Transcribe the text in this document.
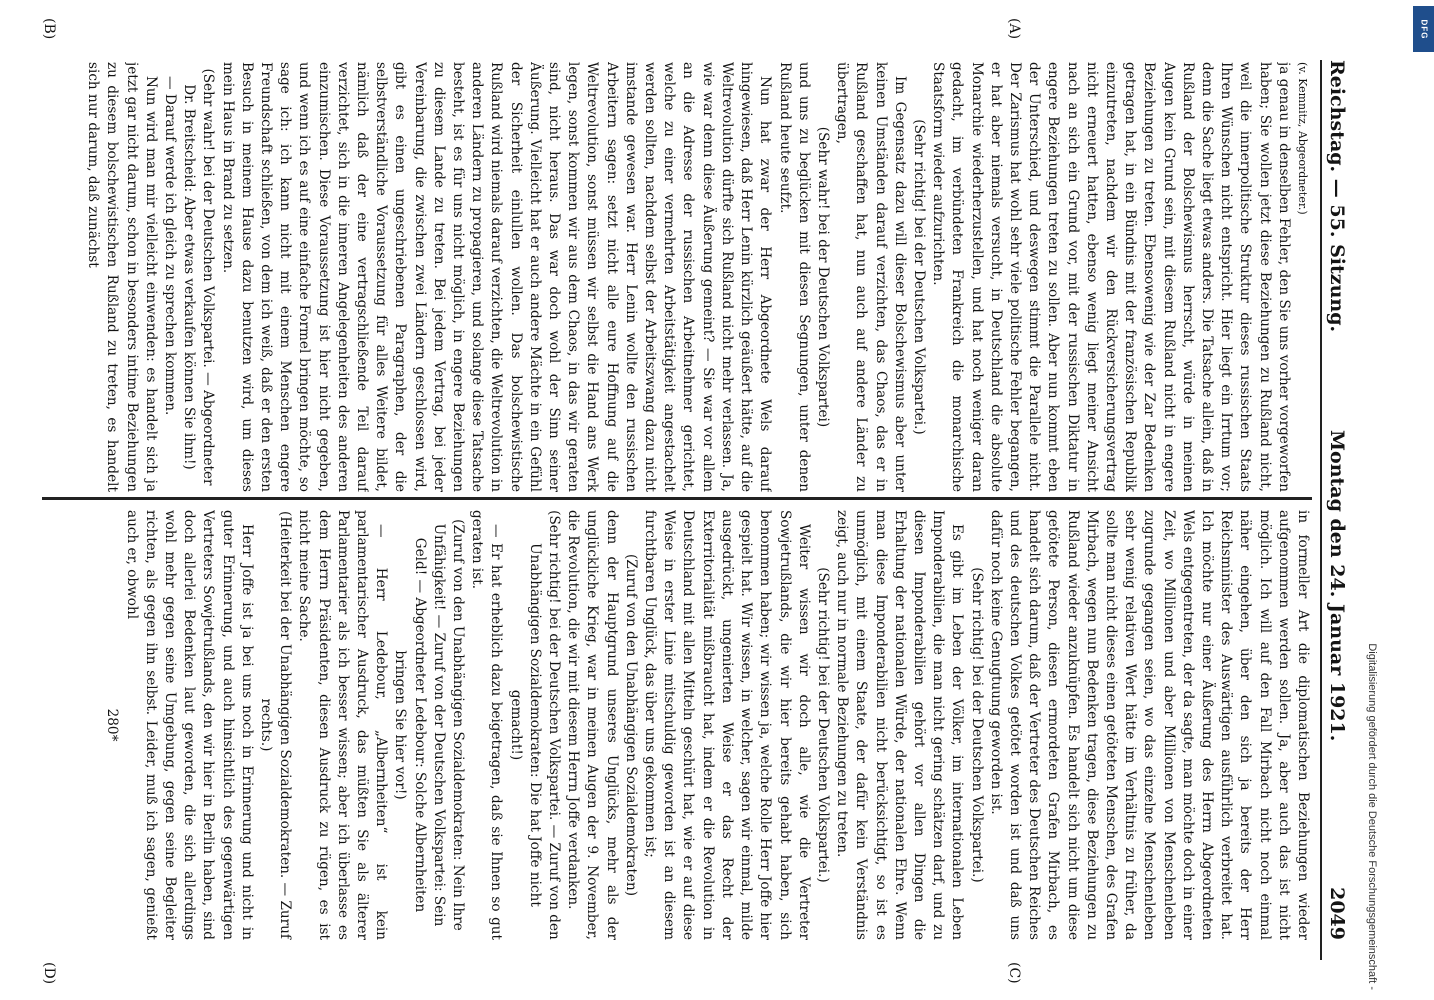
Reichstag. — 55. Sitzung.
Montag den 24. Januar 1921.
2049

(v. Kemnitz, Abgeordneter.)

ja genau in denselben Fehler, den Sie uns vorher vorgeworfen haben; Sie wollen jetzt diese Beziehungen zu Rußland nicht, weil die innerpolitische Struktur dieses russischen Staats Ihren Wünschen nicht entspricht. Hier liegt ein Irrtum vor; denn die Sache liegt etwas anders. Die Tatsache allein, daß in Rußland der Bolschewismus herrscht, würde in meinen Augen kein Grund sein, mit diesem Rußland nicht in engere Beziehungen zu treten. Ebensowenig wie der Zar Bedenken getragen hat, in ein Bündnis mit der französischen Republik einzutreten, nachdem wir den Rückversicherungsvertrag nicht erneuert hatten, ebenso wenig liegt meiner Ansicht nach an sich ein Grund vor, mit der russischen Diktatur in engere Beziehungen treten zu sollen. Aber nun kommt eben der Unterschied, und deswegen stimmt die Parallele nicht. Der Zarismus hat wohl sehr viele politische Fehler begangen, er hat aber niemals versucht, in Deutschland die absolute Monarchie wiederherzustellen, und hat noch weniger daran gedacht, im verbündeten Frankreich die monarchische Staatsform wieder aufzurichten.

(Sehr richtig! bei der Deutschen Volkspartei.)

Im Gegensatz dazu will dieser Bolschewismus aber unter keinen Umständen darauf verzichten, das Chaos, das er in Rußland geschaffen hat, nun auch auf andere Länder zu übertragen,

(Sehr wahr! bei der Deutschen Volkspartei)

und uns zu beglücken mit diesen Segnungen, unter denen Rußland heute seufzt.

Nun hat zwar der Herr Abgeordnete Wels darauf hingewiesen, daß Herr Lenin kürzlich geäußert hätte, auf die Weltrevolution dürfte sich Rußland nicht mehr verlassen. Ja, wie war denn diese Äußerung gemeint? — Sie war vor allem an die Adresse der russischen Arbeitnehmer gerichtet, welche zu einer vermehrten Arbeitstätigkeit angestachelt werden sollten, nachdem selbst der Arbeitszwang dazu nicht imstande gewesen war. Herr Lenin wollte den russischen Arbeitern sagen: setzt nicht alle eure Hoffnung auf die Weltrevolution, sonst müssen wir selbst die Hand ans Werk legen, sonst kommen wir aus dem Chaos, in das wir geraten sind, nicht heraus. Das war doch wohl der Sinn seiner Äußerung. Vielleicht hat er auch andere Mächte in ein Gefühl der Sicherheit einlullen wollen. Das bolschewistische Rußland wird niemals darauf verzichten, die Weltrevolution in anderen Ländern zu propagieren, und solange diese Tatsache besteht, ist es für uns nicht möglich, in engere Beziehungen zu diesem Lande zu treten. Bei jedem Vertrag, bei jeder Vereinbarung, die zwischen zwei Ländern geschlossen wird, gibt es einen ungeschriebenen Paragraphen, der die selbstverständliche Voraussetzung für alles Weitere bildet, nämlich daß der eine vertragschließende Teil darauf verzichtet, sich in die inneren Angelegenheiten des anderen einzumischen. Diese Voraussetzung ist hier nicht gegeben, und wenn ich es auf eine einfache Formel bringen möchte, so sage ich: ich kann nicht mit einem Menschen engere Freundschaft schließen, von dem ich weiß, daß er den ersten Besuch in meinem Hause dazu benutzen wird, um dieses mein Haus in Brand zu setzen.

(Sehr wahr! bei der Deutschen Volkspartei. — Abgeordneter Dr. Breitscheid: Aber etwas verkaufen können Sie ihm!)

— Darauf werde ich gleich zu sprechen kommen.

Nun wird man mir vielleicht einwenden: es handelt sich ja jetzt gar nicht darum, schon in besonders intime Beziehungen zu diesem bolschewistischen Rußland zu treten, es handelt sich nur darum, daß zunächst

in formeller Art die diplomatischen Beziehungen wieder aufgenommen werden sollen. Ja, aber auch das ist nicht möglich. Ich will auf den Fall Mirbach nicht noch einmal näher eingehen, über den sich ja bereits der Herr Reichsminister des Auswärtigen ausführlich verbreitet hat. Ich möchte nur einer Äußerung des Herrn Abgeordneten Wels entgegentreten, der da sagte, man möchte doch in einer Zeit, wo Millionen und aber Millionen von Menschenleben zugrunde gegangen seien, wo das einzelne Menschenleben sehr wenig relativen Wert hätte im Verhältnis zu früher, da sollte man nicht dieses einen getöteten Menschen, des Grafen Mirbach, wegen nun Bedenken tragen, diese Beziehungen zu Rußland wieder anzuknüpfen. Es handelt sich nicht um diese getötete Person, diesen ermordeten Grafen Mirbach, es handelt sich darum, daß der Vertreter des Deutschen Reiches und des deutschen Volkes getötet worden ist und daß uns dafür noch keine Genugtuung geworden ist.

(Sehr richtig! bei der Deutschen Volkspartei.)

Es gibt im Leben der Völker, im internationalen Leben Imponderabilien, die man nicht gering schätzen darf, und zu diesen Imponderabilien gehört vor allen Dingen die Erhaltung der nationalen Würde, der nationalen Ehre. Wenn man diese Imponderabilien nicht berücksichtigt, so ist es unmöglich, mit einem Staate, der dafür kein Verständnis zeigt, auch nur in normale Beziehungen zu treten.

(Sehr richtig! bei der Deutschen Volkspartei.)

Weiter wissen wir doch alle, wie die Vertreter Sowjetrußlands, die wir hier bereits gehabt haben, sich benommen haben; wir wissen ja, welche Rolle Herr Joffe hier gespielt hat. Wir wissen, in welcher, sagen wir einmal, milde ausgedrückt, ungenierten Weise er das Recht der Exterritorialität mißbraucht hat, indem er die Revolution in Deutschland mit allen Mitteln geschürt hat, wie er auf diese Weise in erster Linie mitschuldig geworden ist an diesem furchtbaren Unglück, das über uns gekommen ist;

(Zuruf von den Unabhängigen Sozialdemokraten)

denn der Hauptgrund unseres Unglücks, mehr als der unglückliche Krieg, war in meinen Augen der 9. November, die Revolution, die wir mit diesem Herrn Joffe verdanken.

(Sehr richtig! bei der Deutschen Volkspartei. — Zuruf von den Unabhängigen Sozialdemokraten: Die hat Joffe nicht gemacht!)

— Er hat erheblich dazu beigetragen, daß sie Ihnen so gut geraten ist.

(Zuruf von den Unabhängigen Sozialdemokraten: Nein Ihre Unfähigkeit! — Zuruf von der Deutschen Volkspartei: Sein Geld! — Abgeordneter Ledebour: Solche Albernheiten bringen Sie hier vor!)

— Herr Ledebour, „Albernheiten“ ist kein parlamentarischer Ausdruck, das müßten Sie als älterer Parlamentarier als ich besser wissen; aber ich überlasse es dem Herrn Präsidenten, diesen Ausdruck zu rügen, es ist nicht meine Sache.

(Heiterkeit bei der Unabhängigen Sozialdemokraten. — Zuruf rechts.)

Herr Joffe ist ja bei uns noch in Erinnerung und nicht in guter Erinnerung, und auch hinsichtlich des gegenwärtigen Vertreters Sowjetrußlands, den wir hier in Berlin haben, sind doch allerlei Bedenken laut geworden, die sich allerdings wohl mehr gegen seine Umgebung, gegen seine Begleiter richten, als gegen ihn selbst. Leider, muß ich sagen, genießt auch er, obwohl

280*

(A)
(B)
(C)
(D)	Digitalisierung gefördert durch die Deutsche Forschungsgemeinschaft -
DFG
